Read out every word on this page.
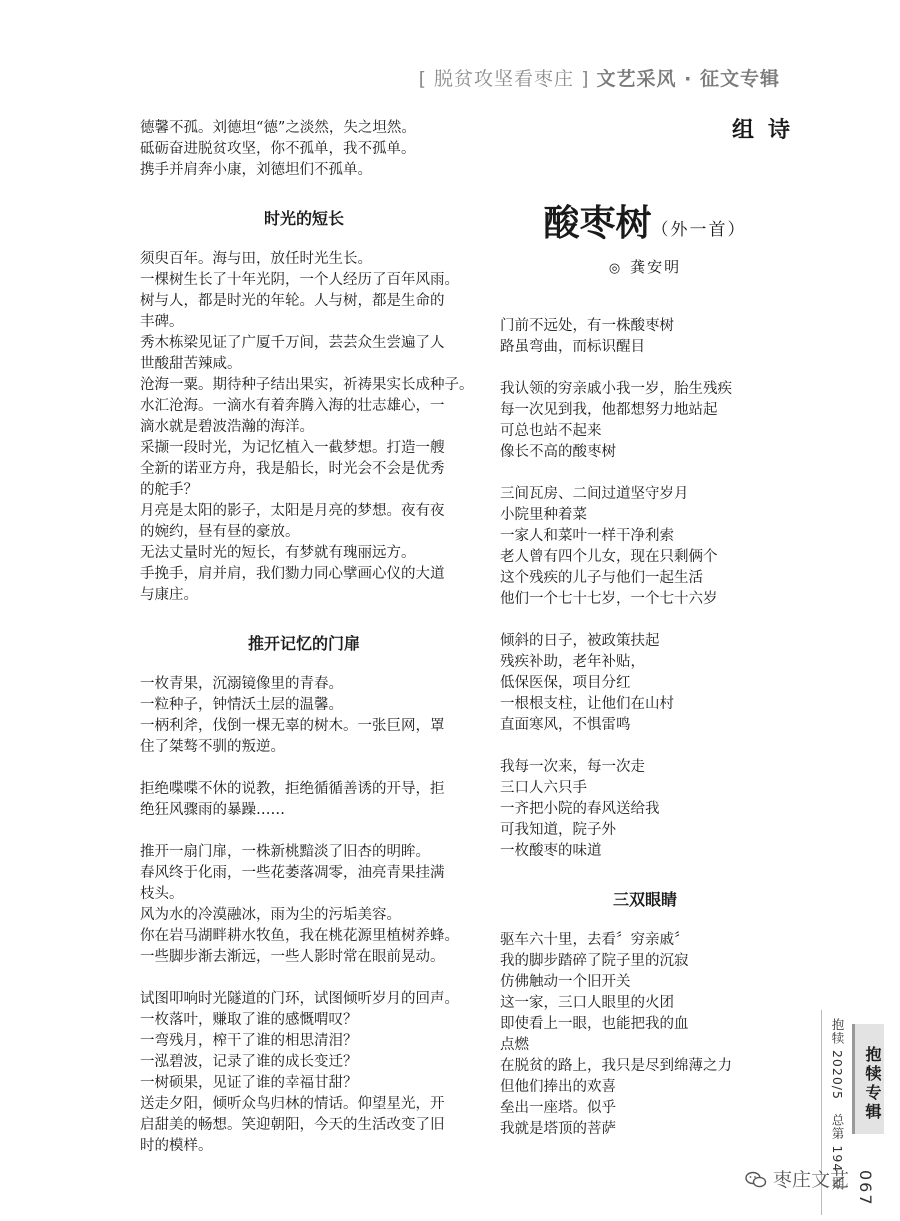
[ 脱贫攻坚看枣庄 ] 文艺采风 · 征文专辑
德馨不孤。刘德坦“德”之淡然，失之坦然。
砥砺奋进脱贫攻坚，你不孤单，我不孤单。
携手并肩奔小康，刘德坦们不孤单。
时光的短长
须臾百年。海与田，放任时光生长。
一棵树生长了十年光阴，一个人经历了百年风雨。
树与人，都是时光的年轮。人与树，都是生命的
丰碑。
秀木栋梁见证了广厦千万间，芸芸众生尝遍了人
世酸甜苦辣咸。
沧海一粟。期待种子结出果实，祈祷果实长成种子。
水汇沧海。一滴水有着奔腾入海的壮志雄心，一
滴水就是碧波浩瀚的海洋。
采撷一段时光，为记忆植入一截梦想。打造一艘
全新的诺亚方舟，我是船长，时光会不会是优秀
的舵手？
月亮是太阳的影子，太阳是月亮的梦想。夜有夜
的婉约，昼有昼的豪放。
无法丈量时光的短长，有梦就有瑰丽远方。
手挽手，肩并肩，我们勠力同心擘画心仪的大道
与康庄。
推开记忆的门扉
一枚青果，沉溺镜像里的青春。
一粒种子，钟情沃土层的温馨。
一柄利斧，伐倒一棵无辜的树木。一张巨网，罩
住了桀骜不驯的叛逆。
拒绝喋喋不休的说教，拒绝循循善诱的开导，拒
绝狂风骤雨的暴躁……
推开一扇门扉，一株新桃黯淡了旧杏的明眸。
春风终于化雨，一些花萎落凋零，油亮青果挂满
枝头。
风为水的冷漠融冰，雨为尘的污垢美容。
你在岩马湖畔耕水牧鱼，我在桃花源里植树养蜂。
一些脚步渐去渐远，一些人影时常在眼前晃动。
试图叩响时光隧道的门环，试图倾听岁月的回声。
一枚落叶，赚取了谁的感慨喟叹？
一弯残月，榨干了谁的相思清泪？
一泓碧波，记录了谁的成长变迁？
一树硕果，见证了谁的幸福甘甜？
送走夕阳，倾听众鸟归林的情话。仰望星光，开
启甜美的畅想。笑迎朝阳，今天的生活改变了旧
时的模样。
组诗
酸枣树（外一首）
◎ 龚安明
门前不远处，有一株酸枣树
路虽弯曲，而标识醒目
我认领的穷亲戚小我一岁，胎生残疾
每一次见到我，他都想努力地站起
可总也站不起来
像长不高的酸枣树
三间瓦房、二间过道坚守岁月
小院里种着菜
一家人和菜叶一样干净利索
老人曾有四个儿女，现在只剩俩个
这个残疾的儿子与他们一起生活
他们一个七十七岁，一个七十六岁
倾斜的日子，被政策扶起
残疾补助，老年补贴，
低保医保，项目分红
一根根支柱，让他们在山村
直面寒风，不惧雷鸣
我每一次来，每一次走
三口人六只手
一齐把小院的春风送给我
可我知道，院子外
一枚酸枣的味道
三双眼睛
驱车六十里，去看〞穷亲戚〞
我的脚步踏碎了院子里的沉寂
仿佛触动一个旧开关
这一家，三口人眼里的火团
即使看上一眼，也能把我的血
点燃
在脱贫的路上，我只是尽到绵薄之力
但他们捧出的欢喜
垒出一座塔。似乎
我就是塔顶的菩萨	抱犊 2020/5　总第 194 期	抱犊专辑
067
枣庄文艺
